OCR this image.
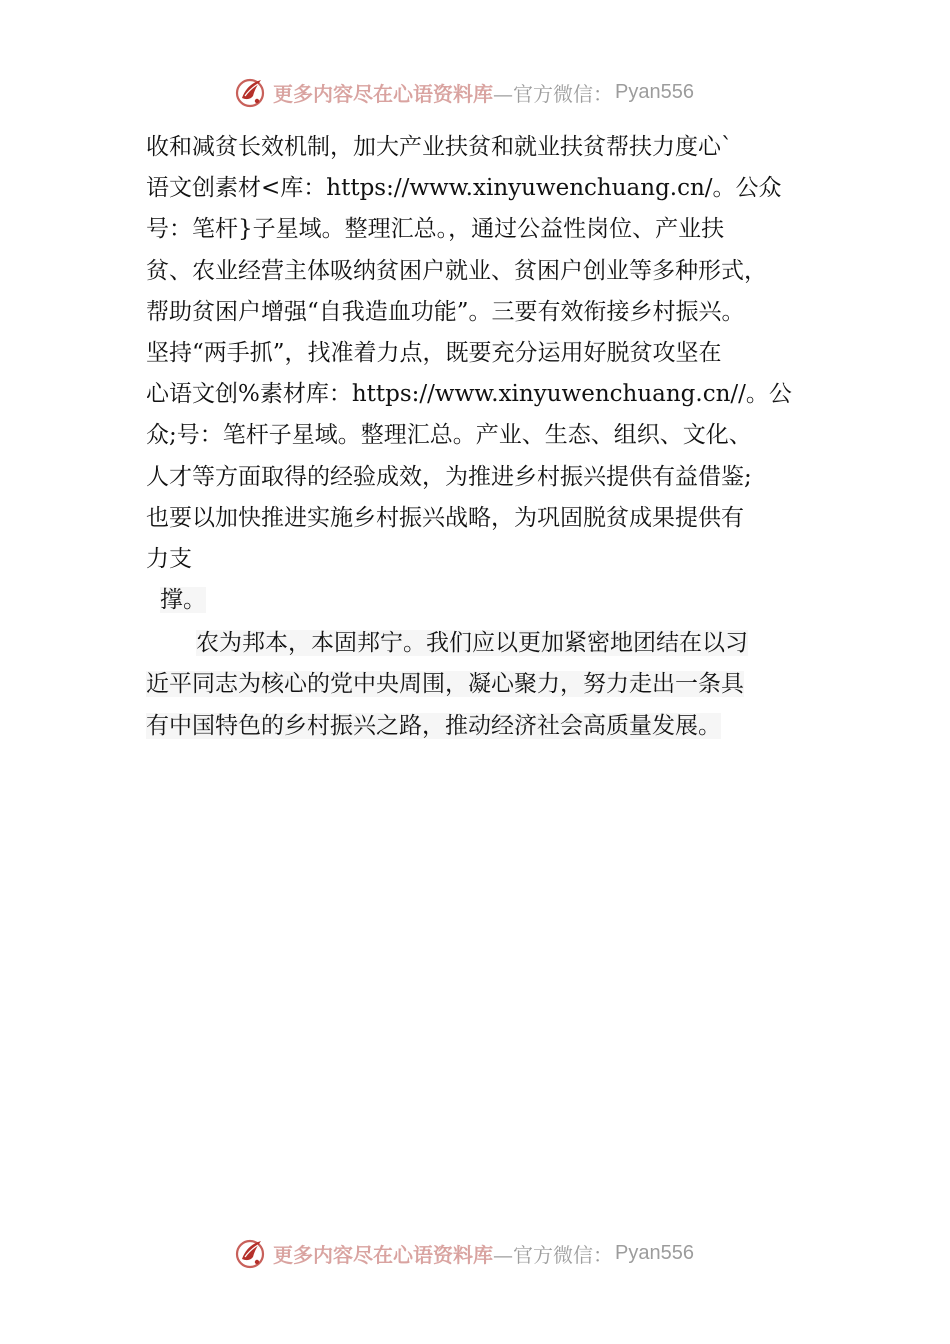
更多内容尽在心语资料库 —官方微信： Pyan556
收和减贫长效机制，加大产业扶贫和就业扶贫帮扶力度心`
语文创素材<库：https://www.xinyuwenchuang.cn/。公众
号：笔杆}子星域。整理汇总。，通过公益性岗位、产业扶
贫、农业经营主体吸纳贫困户就业、贫困户创业等多种形式，
帮助贫困户增强“自我造血功能”。三要有效衔接乡村振兴。
坚持“两手抓”，找准着力点，既要充分运用好脱贫攻坚在
心语文创%素材库：https://www.xinyuwenchuang.cn//。公
众;号：笔杆子星域。整理汇总。产业、生态、组织、文化、
人才等方面取得的经验成效，为推进乡村振兴提供有益借鉴;
也要以加快推进实施乡村振兴战略，为巩固脱贫成果提供有
力支
撑。
农为邦本，本固邦宁。我们应以更加紧密地团结在以习
近平同志为核心的党中央周围，凝心聚力，努力走出一条具
有中国特色的乡村振兴之路，推动经济社会高质量发展。
更多内容尽在心语资料库 —官方微信： Pyan556
